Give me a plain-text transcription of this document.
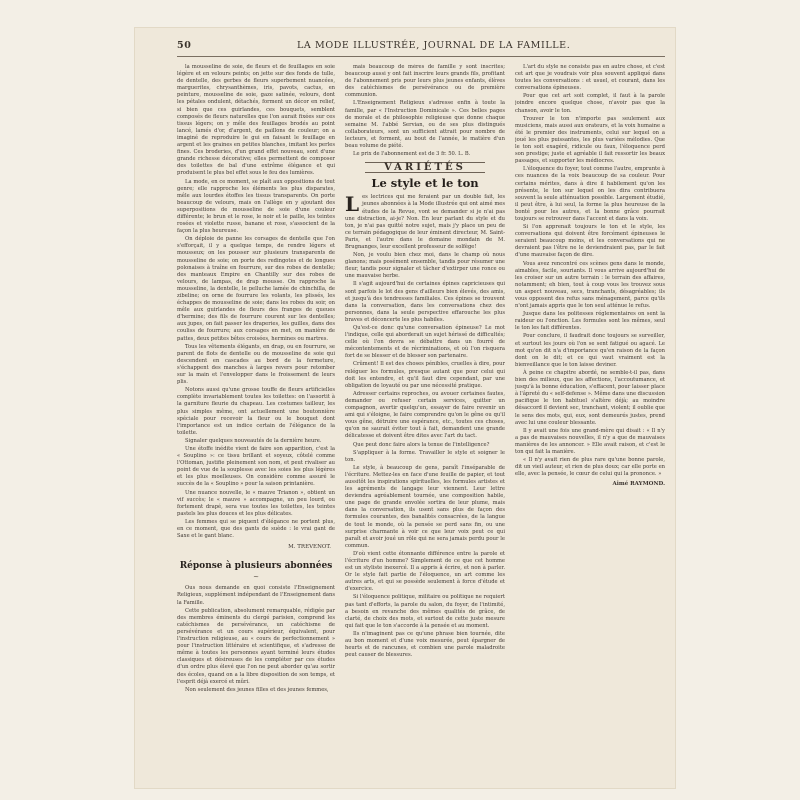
50	LA MODE ILLUSTRÉE, JOURNAL DE LA FAMILLE.

la mousseline de soie, de fleurs et de feuillages en soie légère et en velours peints; on jette sur des fonds de tulle, de dentelle, des gerbes de fleurs superbement nuancées, marguerites, chrysanthèmes, iris, pavots, cactus, en peinture, mousseline de soie, gaze satinée, velours, dont les pétales ondulent, détachés, forment un décor en relief, si bien que ces guirlandes, ces bouquets, semblent composés de fleurs naturelles que l'on aurait fixées sur ces tissus légers; on y mêle des feuillages brodés au point lancé, lamés d'or, d'argent, de paillons de couleur; on a imaginé de reproduire le gui en faisant le feuillage en argent et les graines en petites blanches, imitant les perles fines. Ces broderies, d'un grand effet nouveau, sont d'une grande richesse décorative; elles permettent de composer des toilettes de bal d'une extrême élégance et qui produisent le plus bel effet sous le feu des lumières.

La mode, en ce moment, se plaît aux oppositions de tout genre; elle rapproche les éléments les plus disparates, mêle aux lourdes étoffes les tissus transparents. On porte beaucoup de velours, mais on l'allège en y ajoutant des superpositions de mousseline de soie d'une couleur différente; le brun et le rose, le noir et le paille, les teintes rosées et violette russe, banane et rose, s'associent de la façon la plus heureuse.

On déploie de panne les corsages de dentelle que l'on s'efforçait, il y a quelque temps, de rendre légers et mousseux; on les pousser sur plusieurs transparents de mousseline de soie; on porte des redingotes et de longues polonaises à traîne en fourrure, sur des robes de dentelle; des manteaux Empire en Chantilly sur des robes de velours, de lampas, de drap mousse. On rapproche la mousseline, la dentelle, le pelluche lamée de chinchilla, de zibeline; on orne de fourrure les volants, les plissés, les échappes de mousseline de soie; dans les robes du soir, on mêle aux guirlandes de fleurs des franges de queues d'hermine; des fils de fourrure courent sur les dentelles; aux jupes, on fait passer les draperies, les guilles, dans des couliss de fourrure; aux corsages en met, on manière de pattes, deux petites bêtes croisées, hermines ou martres.

Tous les vêtements élégants, en drap, ou en fourrure, se parent de flots de dentelle ou de mousseline de soie qui descendent en cascades au bord de la fermeture, s'échappent des manches à larges revers pour retomber sur la main et l'envelopper dans le froissement de leurs plis.

Notons aussi qu'une grosse touffe de fleurs artificielles complète invariablement toutes les toilettes: on l'assortit à la garniture fleurie du chapeau. Les costumes tailleur, les plus simples même, ont actuellement une boutonnière spéciale pour recevoir la fleur ou le bouquet dont l'importance est un indice certain de l'élégance de la toilette.

Signaler quelques nouveautés de la dernière heure.

Une étoffe inédite vient de faire son apparition, c'est la « Souplino »: ce tissu brillant et soyeux, côtelé comme l'Ottoman, justifie pleinement son nom, et peut rivaliser au point de vue de la souplesse avec les soies les plus légères et les plus moelleuses. On considère comme assuré le succès de la « Souplino » pour la saison printanière.

Une nuance nouvelle, le « mauve Trianon », obtient un vif succès; le « mauve » accompagne, un peu lourd, ou fortement drapé, sera vue toutes les toilettes, les teintes pastels les plus douces et les plus délicates.

Les femmes qui se piquent d'élégance ne portent plus, en ce moment, que des gants de suède : le vrai gant de Saxe et le gant blanc.

M. TREVENOT.
Réponse à plusieurs abonnées
~

Ous nous demande en quoi consiste l'Enseignement Religieux, supplément indépendant de l'Enseignement dans la Famille.

Cette publication, absolument remarquable, rédigée par des membres éminents du clergé parisien, comprend les catéchismes de persévérance, un catéchisme de persévérance et un cours supérieur, équivalent, pour l'instruction religieuse, au « cours de perfectionnement » pour l'instruction littéraire et scientifique, et s'adresse de même à toutes les personnes ayant terminé leurs études classiques et désireuses de les compléter par ces études d'un ordre plus élevé que l'on ne peut aborder qu'au sortir des écoles, quand on a la libre disposition de son temps, et l'esprit déjà exercé et mûri.

Non seulement des jeunes filles et des jeunes femmes,

mais beaucoup de mères de famille y sont inscrites; beaucoup aussi y ont fait inscrire leurs grands fils, profitant de l'abonnement pris pour leurs plus jeunes enfants, élèves des catéchismes de persévérance ou de première communion.

L'Enseignement Religieux s'adresse enfin à toute la famille, par « l'Instruction Dominicale ». Ces belles pages de morale et de philosophie religieuse que donne chaque semaine M. l'abbé Servian, ou de ses plus distingués collaborateurs, sont un sufficient attrait pour nombre de lecteurs, et forment, au bout de l'année, le matière d'un beau volume de piété.

Le prix de l'abonnement est de 3 fr. 50. L. B.

VARIÉTÉS
Le style et le ton

Les lectrices qui me feraient par un double fait, les jeunes abonnées à la Mode illustrée qui ont aimé mes études de la Revue, vont se demander si je n'ai pas une distraction, ai-je? Non. En leur parlant du style et du ton, je n'ai pas quitté notre sujet, mais j'y place un peu de ce terrain pédagogique de leur éminent directeur, M. Saint-Paris, et l'autre dans le domaine mondain de M. Brugnanges, leur excellent professeur de solfège!

Non, je voulu bien chez moi, dans le champ où nous glanons; mais posément ensemble, tandis pour résumer une fleur, tandis pour signaler et tâcher d'extirper une ronce ou une mauvaise herbe.

Il s'agit aujourd'hui de certaines épines capricieuses qui sont parfois le lot des gens d'ailleurs bien élevés, des amis, et jusqu'à des tendresses familiales. Ces épines se trouvent dans la conversation, dans les conversations chez des personnes, dans la seule perspective effarouche les plus braves et déconcerte les plus habiles.

Qu'est-ce donc qu'une conversation épineuse? Le mot l'indique, celle qui aborderait un sujet hérissé de difficultés; celle où l'on devra se débattre dans un fourré de mécontentements et de récriminations, et où l'on risquera fort de se blesser et de blesser son partenaire.

Crûment! Il est des choses pénibles, cruelles à dire, pour reléguer les formules, presque autant que pour celui qui doit les entendre, et qu'il faut dire cependant, par une obligation de loyauté ou par une nécessité pratique.

Adresser certains reproches, ou avouer certaines fautes, demander ou refuser certain services, quitter un compagnon, avertir quelqu'un, essayer de faire revenir un ami qui s'éloigne, le faire comprendre qu'on le gêne ou qu'il vous gêne, détruire une espérance, etc., toutes ces choses, qu'on ne saurait éviter tout à fait, demandent une grande délicatesse et doivent être dites avec l'art du tact.

Que peut donc faire alors la tenue de l'intelligence?

S'appliquer à la forme. Travailler le style et soigner le ton.

Le style, à beaucoup de gens, paraît l'inséparable de l'écriture. Mettez-les en face d'une feuille de papier, et tout aussitôt les inspirations spirituelles, les formules artistes et les agréments de langage leur viennent. Leur lettre deviendra agréablement tournée, une composition habile, une page de grande envolée sortira de leur plume, mais dans la conversation, ils usent sans plus de façon des formules courantes, des banalités consacrées, de la langue de tout le monde, où la pensée se perd sans fin, ou une surprise charmante à voir ce que leur voix peut ce qui paraît et avoir joué un rôle qui ne sera jamais perdu pour le commun.

D'où vient cette étonnante différence entre la parole et l'écriture d'un homme? Simplement de ce que cet homme est un styliste inexercé. Il a appris à écrire, et non à parler. Or le style fait partie de l'éloquence, un art comme les autres arts, et qui se possède seulement à force d'étude et d'exercice.

Si l'éloquence politique, militaire ou politique ne requiert pas tant d'efforts, la parole du salon, du foyer, de l'intimité, a besoin en revanche des mêmes qualités de grâce, de clarté, de choix des mots, et surtout de cette juste mesure qui fait que le ton s'accorde à la pensée et au moment.

Ils n'imaginent pas ce qu'une phrase bien tournée, dite au bon moment et d'une voix mesurée, peut épargner de heurts et de rancunes, et combien une parole maladroite peut causer de blessures.

L'art du style ne consiste pas en autre chose, et c'est cet art que je voudrais voir plus souvent appliqué dans toutes les conversations : et usuel, et courant, dans les conversations épineuses.

Pour que cet art soit complet, il faut à la parole joindre encore quelque chose, n'avoir pas que la chanson, avoir le ton.

Trouver le ton n'importe pas seulement aux musiciens, mais aussi aux orateurs, et la voix humaine a été le premier des instruments, celui sur lequel on a joué les plus puissantes, les plus variées mélodies. Que le ton soit exagéré, ridicule ou faux, l'éloquence perd son prestige; juste et agréable il fait ressortir les beaux passages, et supporter les médiocres.

L'éloquence du foyer, tout comme l'autre, emprunte à ces nuances de la voix beaucoup de sa couleur. Pour certains mérites, dans à dire il habilement qu'on les présente, le ton sur lequel on les dira contribuera souvent la seule atténuation possible. Largement étudié, il peut être, à lui seul, la forme la plus heureuse de la bonté pour les autres, et la bonne grâce pourrait toujours se retrouver dans l'accent et dans la voix.

Si l'on apprenait toujours le ton et le style, les conversations qui doivent être forcément épineuses le seraient beaucoup moins, et les conversations qui ne devraient pas l'être ne le deviendraient pas, par le fait d'une mauvaise façon de dire.

Vous avez rencontré ces scènes gens dans le monde, aimables, facile, souriants. Il vous arrive aujourd'hui de les croiser sur un autre terrain : le terrain des affaires, notamment; eh bien, tout à coup vous les trouvez sous un aspect nouveau, secs, tranchants, désagréables; ils vous opposent des refus sans ménagement, parce qu'ils n'ont jamais appris que le ton seul atténue le refus.

Jusque dans les politesses réglementaires on sent la raideur ou l'onction. Les formules sont les mêmes, seul le ton les fait différentes.

Pour conclure, il faudrait donc toujours se surveiller, et surtout les jours où l'on se sent fatigué ou agacé. Le mot qu'on dit n'a d'importance qu'en raison de la façon dont on le dit; et ce qui vaut vraiment est la bienveillance que le ton laisse deviner.

À peine ce chapitre abordé, ne semble-t-il pas, dans bien des milieux, que les affections, l'accoutumance, et jusqu'à la bonne éducation, s'effacent, pour laisser place à l'âpreté du « self-defense ». Même dans une discussion pacifique le ton habituel s'altère déjà; au moindre désaccord il devient sec, tranchant, violent; il oublie que le sens des mots, qui, eux, sont demeurés justes, prend avec lui une couleur blessante.

Il y avait une fois une grand-mère qui disait : « Il n'y a pas de mauvaises nouvelles, il n'y a que de mauvaises manières de les annoncer. » Elle avait raison, et c'est le ton qui fait la manière.

« Il n'y avait rien de plus rare qu'une bonne parole, dit un vieil auteur, et rien de plus doux; car elle porte en elle, avec la pensée, le cœur de celui qui la prononce. »

Aimé RAYMOND.
